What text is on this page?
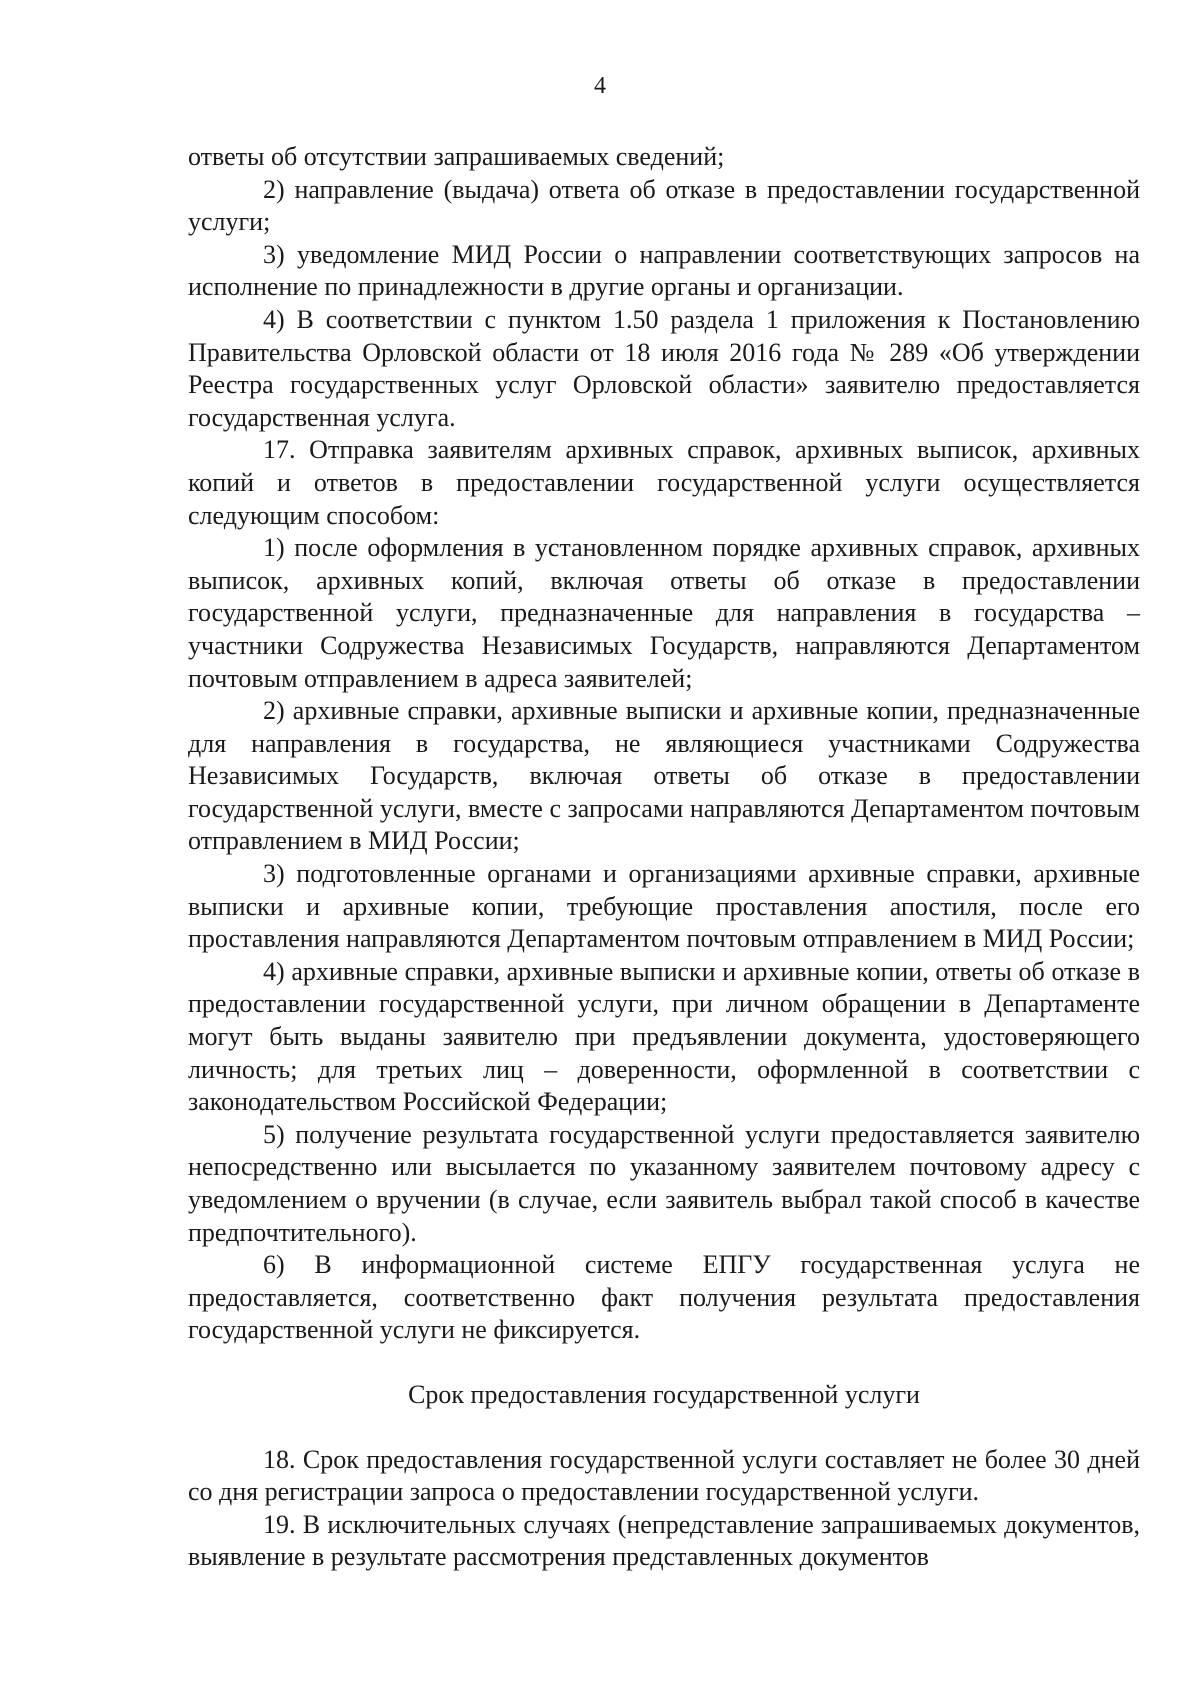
4

ответы об отсутствии запрашиваемых сведений;

2) направление (выдача) ответа об отказе в предоставлении государственной услуги;

3) уведомление МИД России о направлении соответствующих запросов на исполнение по принадлежности в другие органы и организации.

4) В соответствии с пунктом 1.50 раздела 1 приложения к Постановлению Правительства Орловской области от 18 июля 2016 года № 289 «Об утверждении Реестра государственных услуг Орловской области» заявителю предоставляется государственная услуга.

17. Отправка заявителям архивных справок, архивных выписок, архивных копий и ответов в предоставлении государственной услуги осуществляется следующим способом:

1) после оформления в установленном порядке архивных справок, архивных выписок, архивных копий, включая ответы об отказе в предоставлении государственной услуги, предназначенные для направления в государства – участники Содружества Независимых Государств, направляются Департаментом почтовым отправлением в адреса заявителей;

2) архивные справки, архивные выписки и архивные копии, предназначенные для направления в государства, не являющиеся участниками Содружества Независимых Государств, включая ответы об отказе в предоставлении государственной услуги, вместе с запросами направляются Департаментом почтовым отправлением в МИД России;

3) подготовленные органами и организациями архивные справки, архивные выписки и архивные копии, требующие проставления апостиля, после его проставления направляются Департаментом почтовым отправлением в МИД России;

4) архивные справки, архивные выписки и архивные копии, ответы об отказе в предоставлении государственной услуги, при личном обращении в Департаменте могут быть выданы заявителю при предъявлении документа, удостоверяющего личность; для третьих лиц – доверенности, оформленной в соответствии с законодательством Российской Федерации;

5) получение результата государственной услуги предоставляется заявителю непосредственно или высылается по указанному заявителем почтовому адресу с уведомлением о вручении (в случае, если заявитель выбрал такой способ в качестве предпочтительного).

6) В информационной системе ЕПГУ государственная услуга не предоставляется, соответственно факт получения результата предоставления государственной услуги не фиксируется.

Срок предоставления государственной услуги

18. Срок предоставления государственной услуги составляет не более 30 дней со дня регистрации запроса о предоставлении государственной услуги.

19. В исключительных случаях (непредставление запрашиваемых документов, выявление в результате рассмотрения представленных документов
